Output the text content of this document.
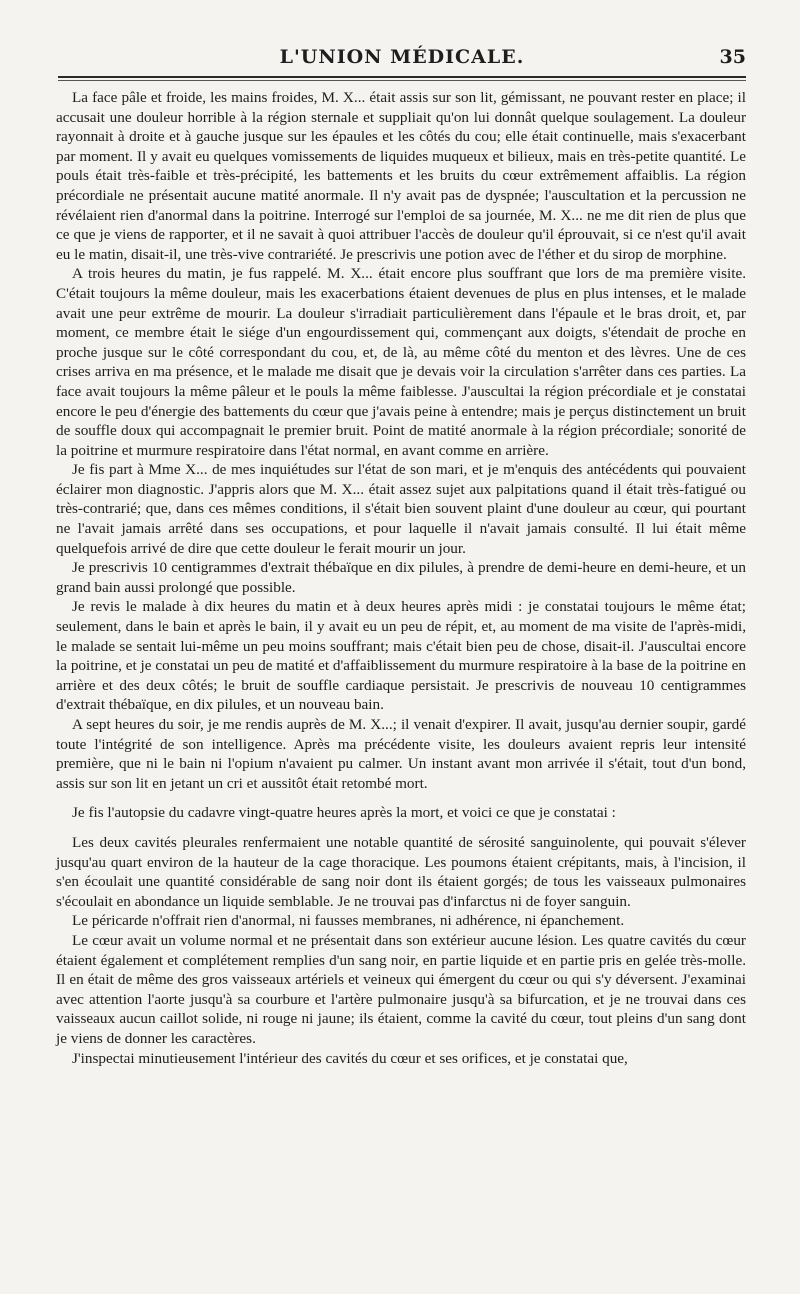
L'UNION MÉDICALE.	35

La face pâle et froide, les mains froides, M. X... était assis sur son lit, gémissant, ne pouvant rester en place; il accusait une douleur horrible à la région sternale et suppliait qu'on lui donnât quelque soulagement. La douleur rayonnait à droite et à gauche jusque sur les épaules et les côtés du cou; elle était continuelle, mais s'exacerbant par moment. Il y avait eu quelques vomissements de liquides muqueux et bilieux, mais en très-petite quantité. Le pouls était très-faible et très-précipité, les battements et les bruits du cœur extrêmement affaiblis. La région précordiale ne présentait aucune matité anormale. Il n'y avait pas de dyspnée; l'auscultation et la percussion ne révélaient rien d'anormal dans la poitrine. Interrogé sur l'emploi de sa journée, M. X... ne me dit rien de plus que ce que je viens de rapporter, et il ne savait à quoi attribuer l'accès de douleur qu'il éprouvait, si ce n'est qu'il avait eu le matin, disait-il, une très-vive contrariété. Je prescrivis une potion avec de l'éther et du sirop de morphine.

A trois heures du matin, je fus rappelé. M. X... était encore plus souffrant que lors de ma première visite. C'était toujours la même douleur, mais les exacerbations étaient devenues de plus en plus intenses, et le malade avait une peur extrême de mourir. La douleur s'irradiait particulièrement dans l'épaule et le bras droit, et, par moment, ce membre était le siége d'un engourdissement qui, commençant aux doigts, s'étendait de proche en proche jusque sur le côté correspondant du cou, et, de là, au même côté du menton et des lèvres. Une de ces crises arriva en ma présence, et le malade me disait que je devais voir la circulation s'arrêter dans ces parties. La face avait toujours la même pâleur et le pouls la même faiblesse. J'auscultai la région précordiale et je constatai encore le peu d'énergie des battements du cœur que j'avais peine à entendre; mais je perçus distinctement un bruit de souffle doux qui accompagnait le premier bruit. Point de matité anormale à la région précordiale; sonorité de la poitrine et murmure respiratoire dans l'état normal, en avant comme en arrière.

Je fis part à Mme X... de mes inquiétudes sur l'état de son mari, et je m'enquis des antécédents qui pouvaient éclairer mon diagnostic. J'appris alors que M. X... était assez sujet aux palpitations quand il était très-fatigué ou très-contrarié; que, dans ces mêmes conditions, il s'était bien souvent plaint d'une douleur au cœur, qui pourtant ne l'avait jamais arrêté dans ses occupations, et pour laquelle il n'avait jamais consulté. Il lui était même quelquefois arrivé de dire que cette douleur le ferait mourir un jour.

Je prescrivis 10 centigrammes d'extrait thébaïque en dix pilules, à prendre de demi-heure en demi-heure, et un grand bain aussi prolongé que possible.

Je revis le malade à dix heures du matin et à deux heures après midi : je constatai toujours le même état; seulement, dans le bain et après le bain, il y avait eu un peu de répit, et, au moment de ma visite de l'après-midi, le malade se sentait lui-même un peu moins souffrant; mais c'était bien peu de chose, disait-il. J'auscultai encore la poitrine, et je constatai un peu de matité et d'affaiblissement du murmure respiratoire à la base de la poitrine en arrière et des deux côtés; le bruit de souffle cardiaque persistait. Je prescrivis de nouveau 10 centigrammes d'extrait thébaïque, en dix pilules, et un nouveau bain.

A sept heures du soir, je me rendis auprès de M. X...; il venait d'expirer. Il avait, jusqu'au dernier soupir, gardé toute l'intégrité de son intelligence. Après ma précédente visite, les douleurs avaient repris leur intensité première, que ni le bain ni l'opium n'avaient pu calmer. Un instant avant mon arrivée il s'était, tout d'un bond, assis sur son lit en jetant un cri et aussitôt était retombé mort.

Je fis l'autopsie du cadavre vingt-quatre heures après la mort, et voici ce que je constatai :

Les deux cavités pleurales renfermaient une notable quantité de sérosité sanguinolente, qui pouvait s'élever jusqu'au quart environ de la hauteur de la cage thoracique. Les poumons étaient crépitants, mais, à l'incision, il s'en écoulait une quantité considérable de sang noir dont ils étaient gorgés; de tous les vaisseaux pulmonaires s'écoulait en abondance un liquide semblable. Je ne trouvai pas d'infarctus ni de foyer sanguin.

Le péricarde n'offrait rien d'anormal, ni fausses membranes, ni adhérence, ni épanchement.

Le cœur avait un volume normal et ne présentait dans son extérieur aucune lésion. Les quatre cavités du cœur étaient également et complétement remplies d'un sang noir, en partie liquide et en partie pris en gelée très-molle. Il en était de même des gros vaisseaux artériels et veineux qui émergent du cœur ou qui s'y déversent. J'examinai avec attention l'aorte jusqu'à sa courbure et l'artère pulmonaire jusqu'à sa bifurcation, et je ne trouvai dans ces vaisseaux aucun caillot solide, ni rouge ni jaune; ils étaient, comme la cavité du cœur, tout pleins d'un sang dont je viens de donner les caractères.

J'inspectai minutieusement l'intérieur des cavités du cœur et ses orifices, et je constatai que,
